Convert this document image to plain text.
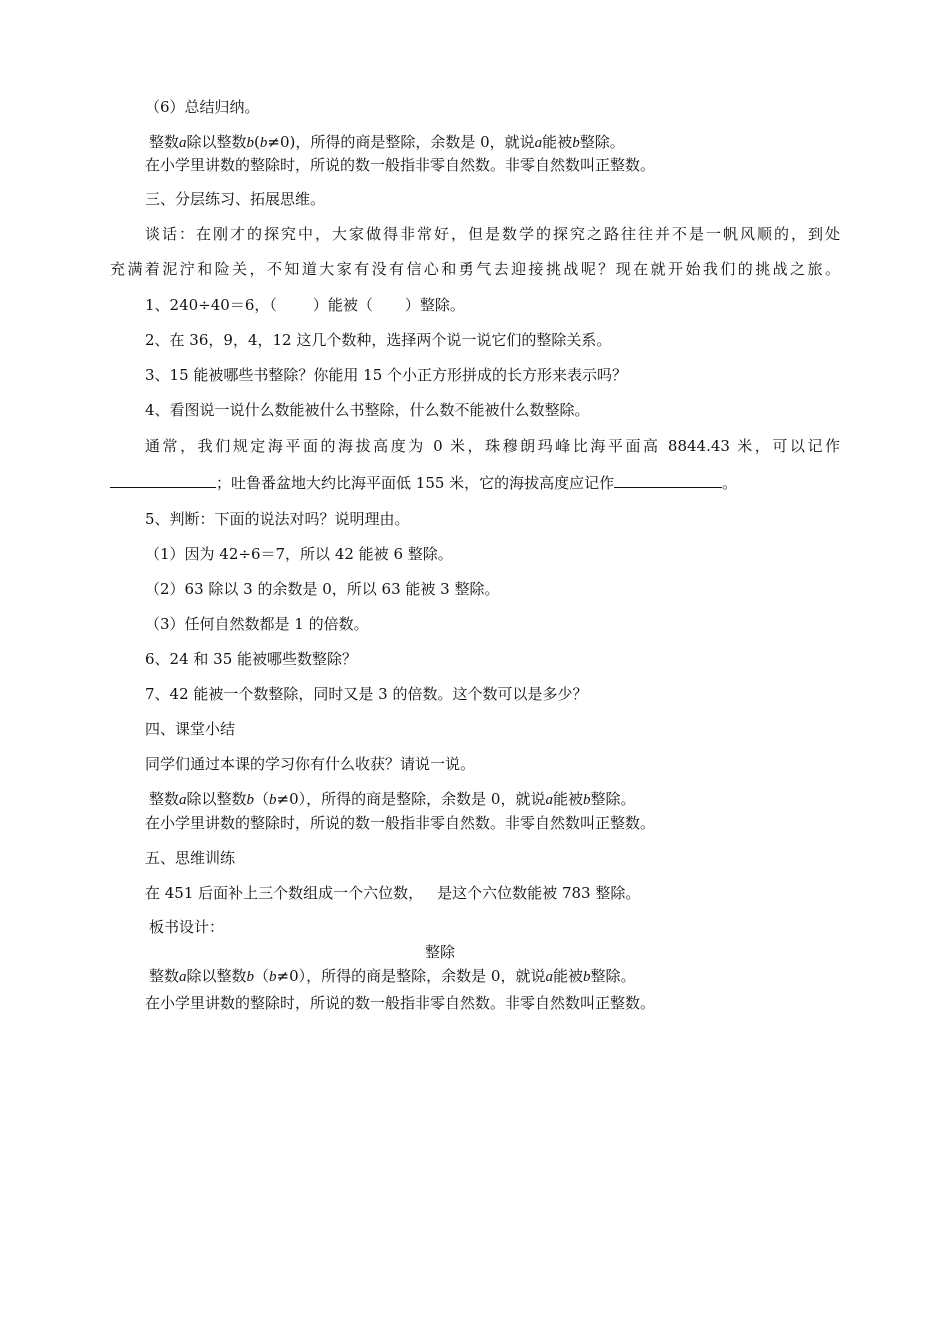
（6）总结归纳。
整数a除以整数b(b≠0)，所得的商是整除，余数是 0，就说a能被b整除。
在小学里讲数的整除时，所说的数一般指非零自然数。非零自然数叫正整数。
三、分层练习、拓展思维。
谈话：在刚才的探究中，大家做得非常好，但是数学的探究之路往往并不是一帆风顺的，到处
充满着泥泞和险关，不知道大家有没有信心和勇气去迎接挑战呢？现在就开始我们的挑战之旅。
1、240÷40＝6，（ ）能被（ ）整除。
2、在 36，9，4，12 这几个数种，选择两个说一说它们的整除关系。
3、15 能被哪些书整除？你能用 15 个小正方形拼成的长方形来表示吗？
4、看图说一说什么数能被什么书整除，什么数不能被什么数整除。
通常，我们规定海平面的海拔高度为 0 米，珠穆朗玛峰比海平面高 8844.43 米，可以记作
；吐鲁番盆地大约比海平面低 155 米，它的海拔高度应记作	。
5、判断：下面的说法对吗？说明理由。
（1）因为 42÷6＝7，所以 42 能被 6 整除。
（2）63 除以 3 的余数是 0，所以 63 能被 3 整除。
（3）任何自然数都是 1 的倍数。
6、24 和 35 能被哪些数整除？
7、42 能被一个数整除，同时又是 3 的倍数。这个数可以是多少？
四、课堂小结
同学们通过本课的学习你有什么收获？请说一说。
整数a除以整数b（b≠0），所得的商是整除，余数是 0，就说a能被b整除。
在小学里讲数的整除时，所说的数一般指非零自然数。非零自然数叫正整数。
五、思维训练
在 451 后面补上三个数组成一个六位数， 是这个六位数能被 783 整除。
板书设计：
整除
整数a除以整数b（b≠0），所得的商是整除，余数是 0，就说a能被b整除。
在小学里讲数的整除时，所说的数一般指非零自然数。非零自然数叫正整数。
